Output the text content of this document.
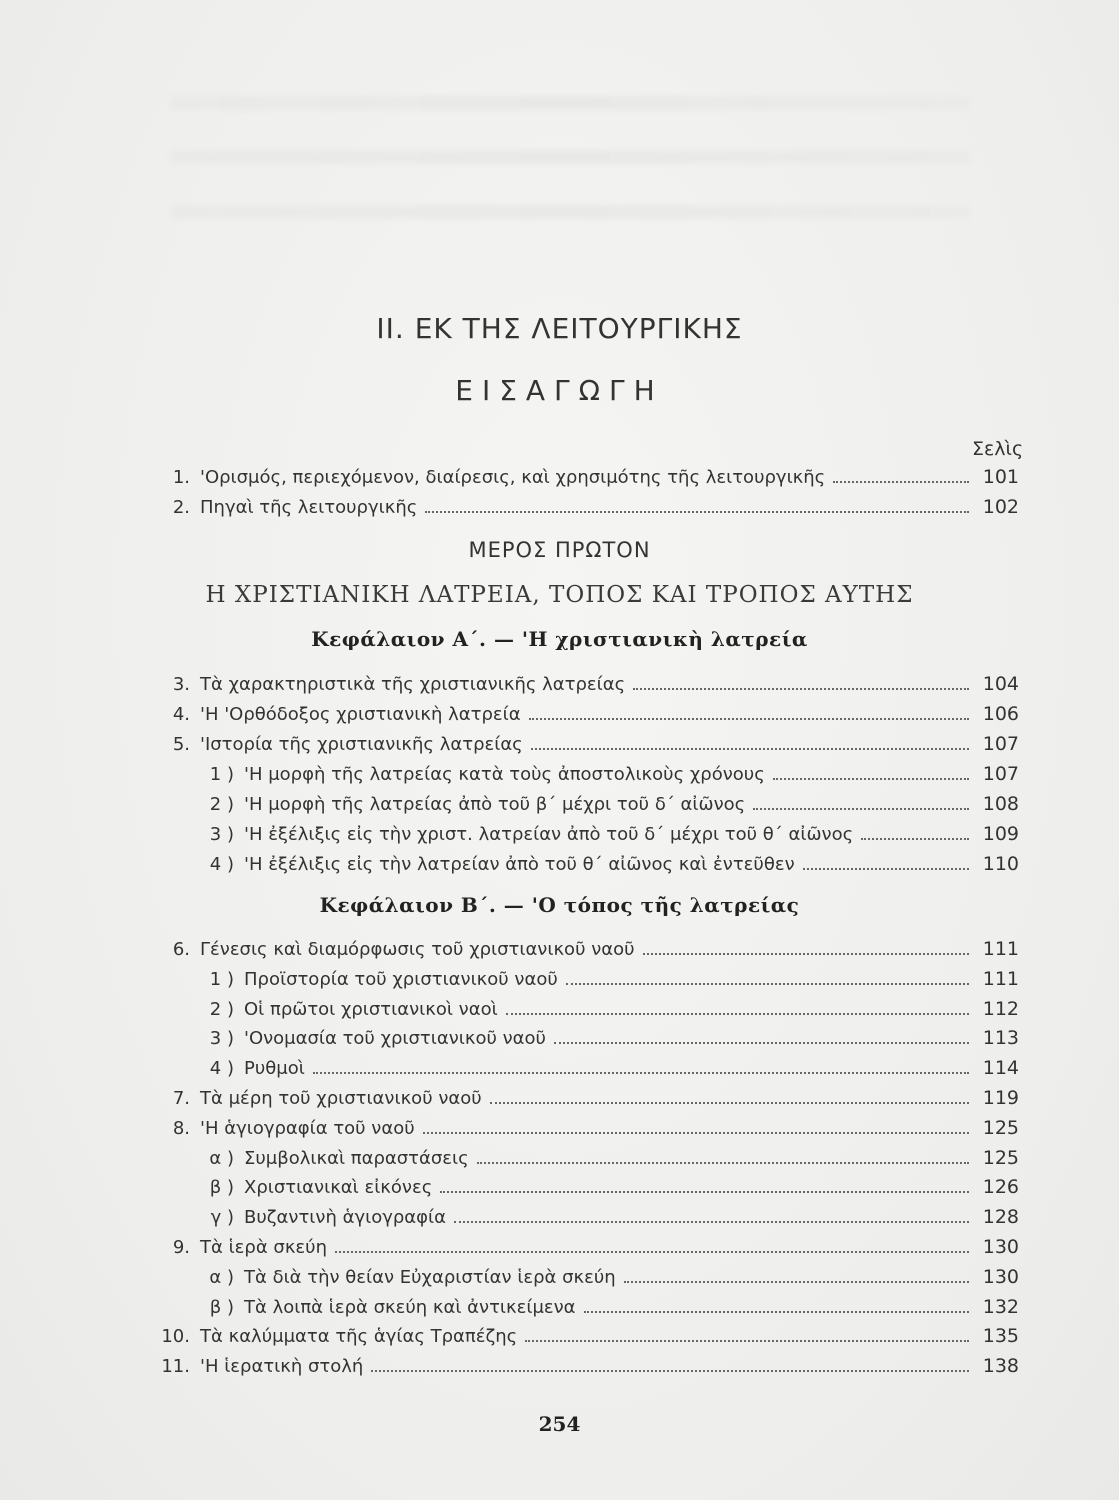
ΙΙ. ΕΚ ΤΗΣ ΛΕΙΤΟΥΡΓΙΚΗΣ
ΕΙΣΑΓΩΓΗ
Σελὶς
ΜΕΡΟΣ ΠΡΩΤΟΝ
Η ΧΡΙΣΤΙΑΝΙΚΗ ΛΑΤΡΕΙΑ, ΤΟΠΟΣ ΚΑΙ ΤΡΟΠΟΣ ΑΥΤΗΣ
Κεφάλαιον Α΄. — 'Η χριστιανικὴ λατρεία
Κεφάλαιον Β΄. — 'Ο τόπος τῆς λατρείας
1. 'Ορισμός, περιεχόμενον, διαίρεσις, καὶ χρησιμότης τῆς λειτουργικῆς	101
2. Πηγαὶ τῆς λειτουργικῆς	102
3. Τὰ χαρακτηριστικὰ τῆς χριστιανικῆς λατρείας	104
4. 'Η 'Ορθόδοξος χριστιανικὴ λατρεία	106
5. 'Ιστορία τῆς χριστιανικῆς λατρείας	107
1 ) 'Η μορφὴ τῆς λατρείας κατὰ τοὺς ἀποστολικοὺς χρόνους	107
2 ) 'Η μορφὴ τῆς λατρείας ἀπὸ τοῦ β΄ μέχρι τοῦ δ΄ αἰῶνος	108
3 ) 'Η ἐξέλιξις εἰς τὴν χριστ. λατρείαν ἀπὸ τοῦ δ΄ μέχρι τοῦ θ΄ αἰῶνος	109
4 ) 'Η ἐξέλιξις εἰς τὴν λατρείαν ἀπὸ τοῦ θ΄ αἰῶνος καὶ ἐντεῦθεν	110
6. Γένεσις καὶ διαμόρφωσις τοῦ χριστιανικοῦ ναοῦ	111
1 ) Προϊστορία τοῦ χριστιανικοῦ ναοῦ	111
2 ) Οἱ πρῶτοι χριστιανικοὶ ναοὶ	112
3 ) 'Ονομασία τοῦ χριστιανικοῦ ναοῦ	113
4 ) Ρυθμοὶ	114
7. Τὰ μέρη τοῦ χριστιανικοῦ ναοῦ	119
8. 'Η ἁγιογραφία τοῦ ναοῦ	125
α ) Συμβολικαὶ παραστάσεις	125
β ) Χριστιανικαὶ εἰκόνες	126
γ ) Βυζαντινὴ ἁγιογραφία	128
9. Τὰ ἱερὰ σκεύη	130
α ) Τὰ διὰ τὴν θείαν Εὐχαριστίαν ἱερὰ σκεύη	130
β ) Τὰ λοιπὰ ἱερὰ σκεύη καὶ ἀντικείμενα	132
10. Τὰ καλύμματα τῆς ἁγίας Τραπέζης	135
11. 'Η ἱερατικὴ στολή	138
254
